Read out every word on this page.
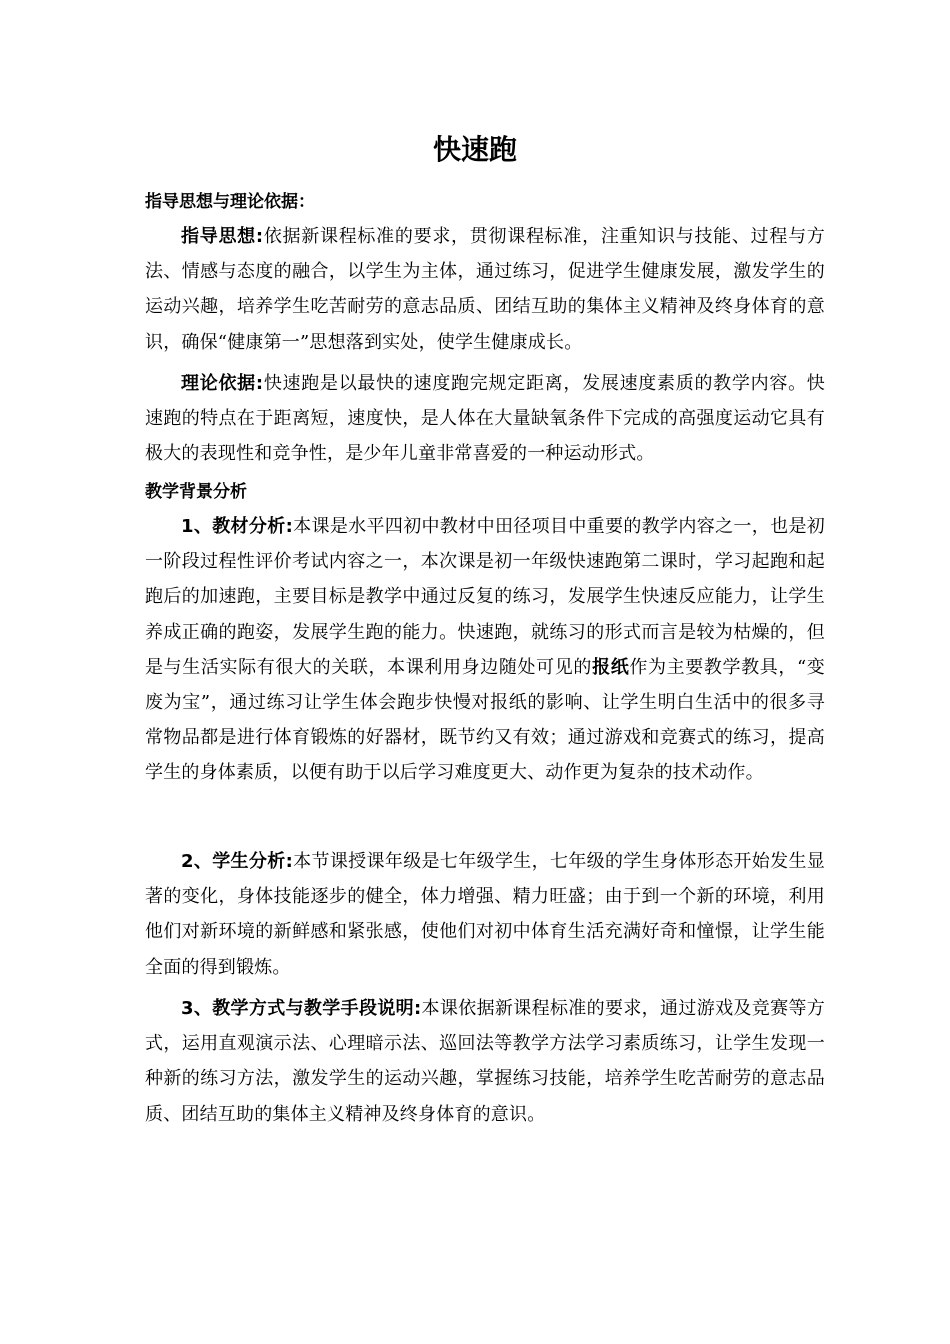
快速跑
指导思想与理论依据：

指导思想:依据新课程标准的要求，贯彻课程标准，注重知识与技能、过程与方法、情感与态度的融合，以学生为主体，通过练习，促进学生健康发展，激发学生的运动兴趣，培养学生吃苦耐劳的意志品质、团结互助的集体主义精神及终身体育的意识，确保“健康第一”思想落到实处，使学生健康成长。

理论依据:快速跑是以最快的速度跑完规定距离，发展速度素质的教学内容。快速跑的特点在于距离短，速度快，是人体在大量缺氧条件下完成的高强度运动它具有极大的表现性和竞争性，是少年儿童非常喜爱的一种运动形式。

教学背景分析

1、教材分析:本课是水平四初中教材中田径项目中重要的教学内容之一，也是初一阶段过程性评价考试内容之一，本次课是初一年级快速跑第二课时，学习起跑和起跑后的加速跑，主要目标是教学中通过反复的练习，发展学生快速反应能力，让学生养成正确的跑姿，发展学生跑的能力。快速跑，就练习的形式而言是较为枯燥的，但是与生活实际有很大的关联，本课利用身边随处可见的报纸作为主要教学教具，“变废为宝”，通过练习让学生体会跑步快慢对报纸的影响、让学生明白生活中的很多寻常物品都是进行体育锻炼的好器材，既节约又有效；通过游戏和竞赛式的练习，提高学生的身体素质，以便有助于以后学习难度更大、动作更为复杂的技术动作。

2、学生分析:本节课授课年级是七年级学生，七年级的学生身体形态开始发生显著的变化，身体技能逐步的健全，体力增强、精力旺盛；由于到一个新的环境，利用他们对新环境的新鲜感和紧张感，使他们对初中体育生活充满好奇和憧憬，让学生能全面的得到锻炼。

3、教学方式与教学手段说明:本课依据新课程标准的要求，通过游戏及竞赛等方式，运用直观演示法、心理暗示法、巡回法等教学方法学习素质练习，让学生发现一种新的练习方法，激发学生的运动兴趣，掌握练习技能，培养学生吃苦耐劳的意志品质、团结互助的集体主义精神及终身体育的意识。
